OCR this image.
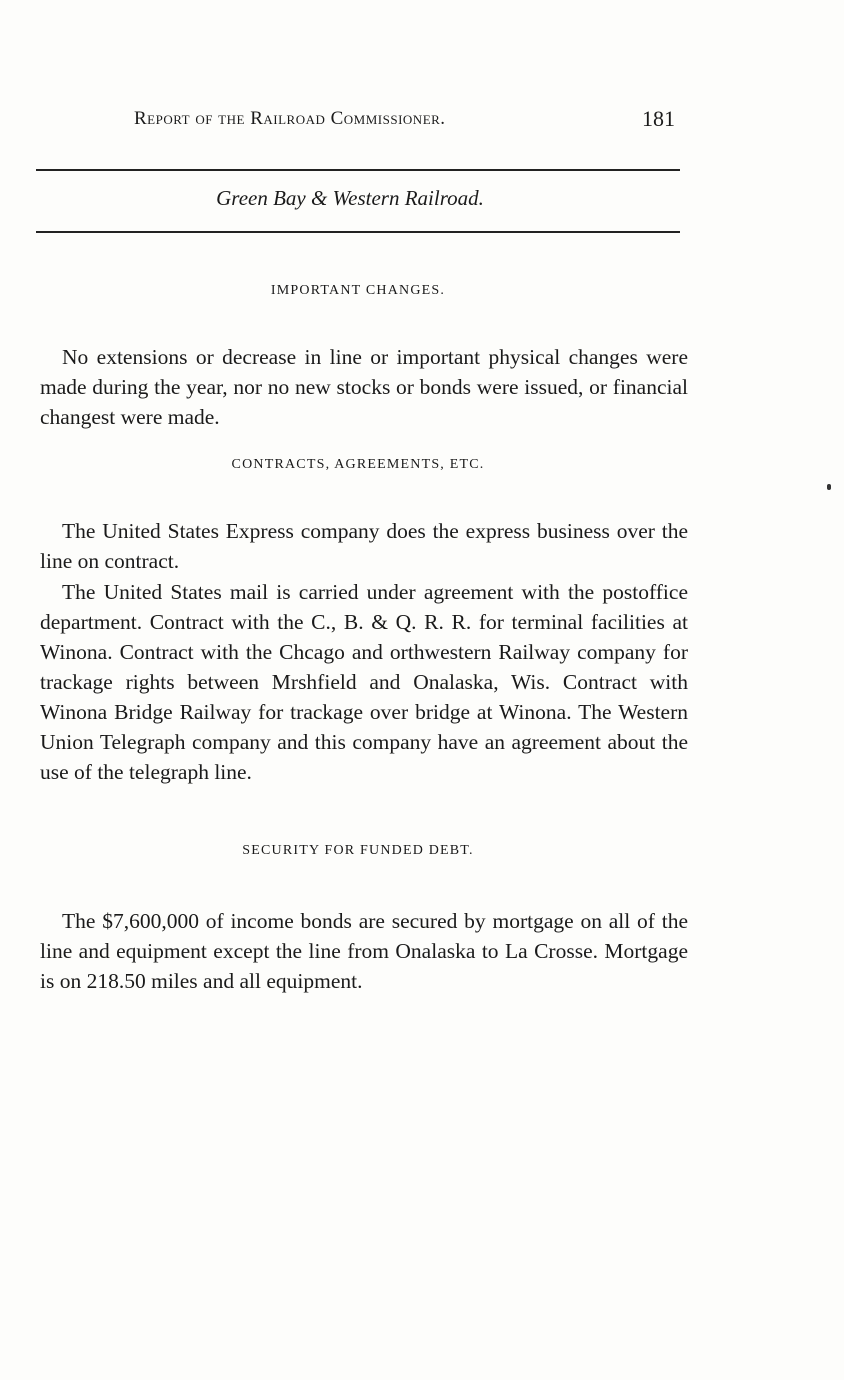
Report of the Railroad Commissioner.	181
Green Bay & Western Railroad.
IMPORTANT CHANGES.

No extensions or decrease in line or important physical changes were made during the year, nor no new stocks or bonds were issued, or financial changest were made.

CONTRACTS, AGREEMENTS, ETC.

The United States Express company does the express business over the line on contract.

The United States mail is carried under agreement with the postoffice department. Contract with the C., B. & Q. R. R. for terminal facilities at Winona. Contract with the Chcago and orthwestern Railway company for trackage rights between Mrshfield and Onalaska, Wis. Contract with Winona Bridge Railway for trackage over bridge at Winona. The Western Union Telegraph company and this company have an agreement about the use of the telegraph line.

SECURITY FOR FUNDED DEBT.

The $7,600,000 of income bonds are secured by mortgage on all of the line and equipment except the line from Onalaska to La Crosse. Mortgage is on 218.50 miles and all equipment.
